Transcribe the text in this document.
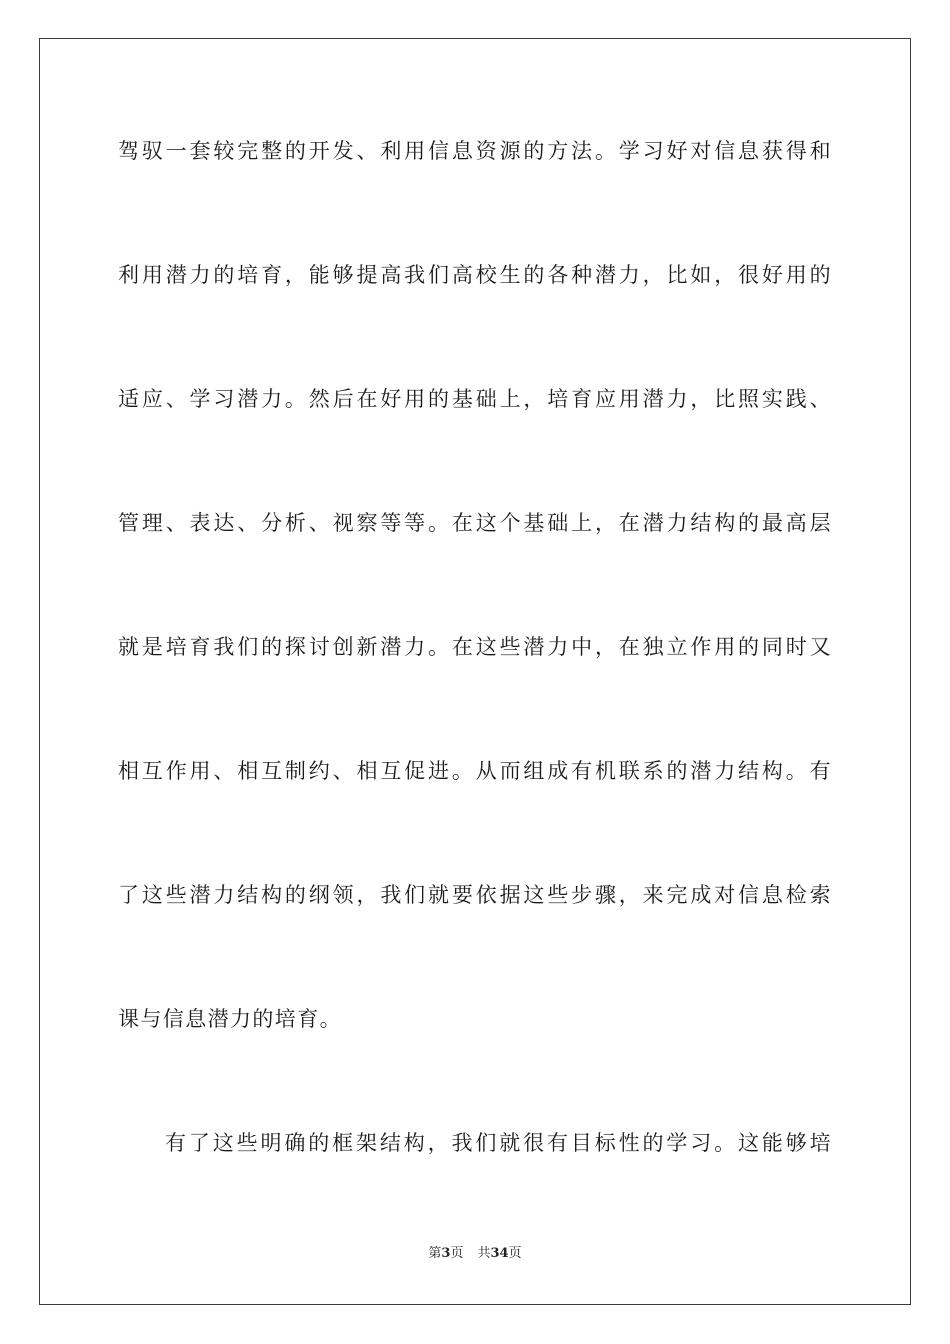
驾驭一套较完整的开发、利用信息资源的方法。学习好对信息获得和
利用潜力的培育，能够提高我们高校生的各种潜力，比如，很好用的
适应、学习潜力。然后在好用的基础上，培育应用潜力，比照实践、
管理、表达、分析、视察等等。在这个基础上，在潜力结构的最高层
就是培育我们的探讨创新潜力。在这些潜力中，在独立作用的同时又
相互作用、相互制约、相互促进。从而组成有机联系的潜力结构。有
了这些潜力结构的纲领，我们就要依据这些步骤，来完成对信息检索
课与信息潜力的培育。
有了这些明确的框架结构，我们就很有目标性的学习。这能够培
第3页 共34页
